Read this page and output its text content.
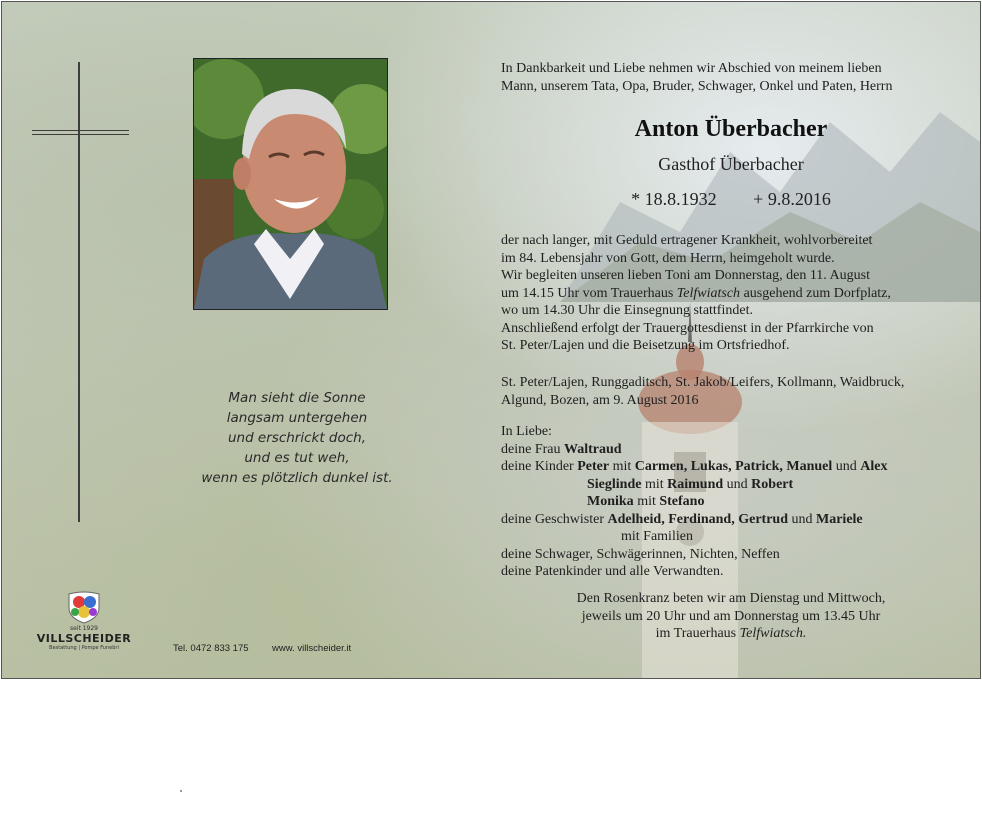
Man sieht die Sonne
langsam untergehen
und erschrickt doch,
und es tut weh,
wenn es plötzlich dunkel ist.
In Dankbarkeit und Liebe nehmen wir Abschied von meinem lieben
Mann, unserem Tata, Opa, Bruder, Schwager, Onkel und Paten, Herrn
Anton Überbacher
Gasthof Überbacher
* 18.8.1932 + 9.8.2016
der nach langer, mit Geduld ertragener Krankheit, wohlvorbereitet
im 84. Lebensjahr von Gott, dem Herrn, heimgeholt wurde.
Wir begleiten unseren lieben Toni am Donnerstag, den 11. August
um 14.15 Uhr vom Trauerhaus Telfwiatsch ausgehend zum Dorfplatz,
wo um 14.30 Uhr die Einsegnung stattfindet.
Anschließend erfolgt der Trauergottesdienst in der Pfarrkirche von
St. Peter/Lajen und die Beisetzung im Ortsfriedhof.
St. Peter/Lajen, Runggaditsch, St. Jakob/Leifers, Kollmann, Waidbruck,
Algund, Bozen, am 9. August 2016
In Liebe:
deine Frau Waltraud
deine Kinder Peter mit Carmen, Lukas, Patrick, Manuel und Alex
Sieglinde mit Raimund und Robert
Monika mit Stefano
deine Geschwister Adelheid, Ferdinand, Gertrud und Mariele
mit Familien
deine Schwager, Schwägerinnen, Nichten, Neffen
deine Patenkinder und alle Verwandten.
Den Rosenkranz beten wir am Dienstag und Mittwoch,
jeweils um 20 Uhr und am Donnerstag um 13.45 Uhr
im Trauerhaus Telfwiatsch.
seit 1929
VILLSCHEIDER
Bestattung | Pompe Funebri	Tel. 0472 833 175 www. villscheider.it
